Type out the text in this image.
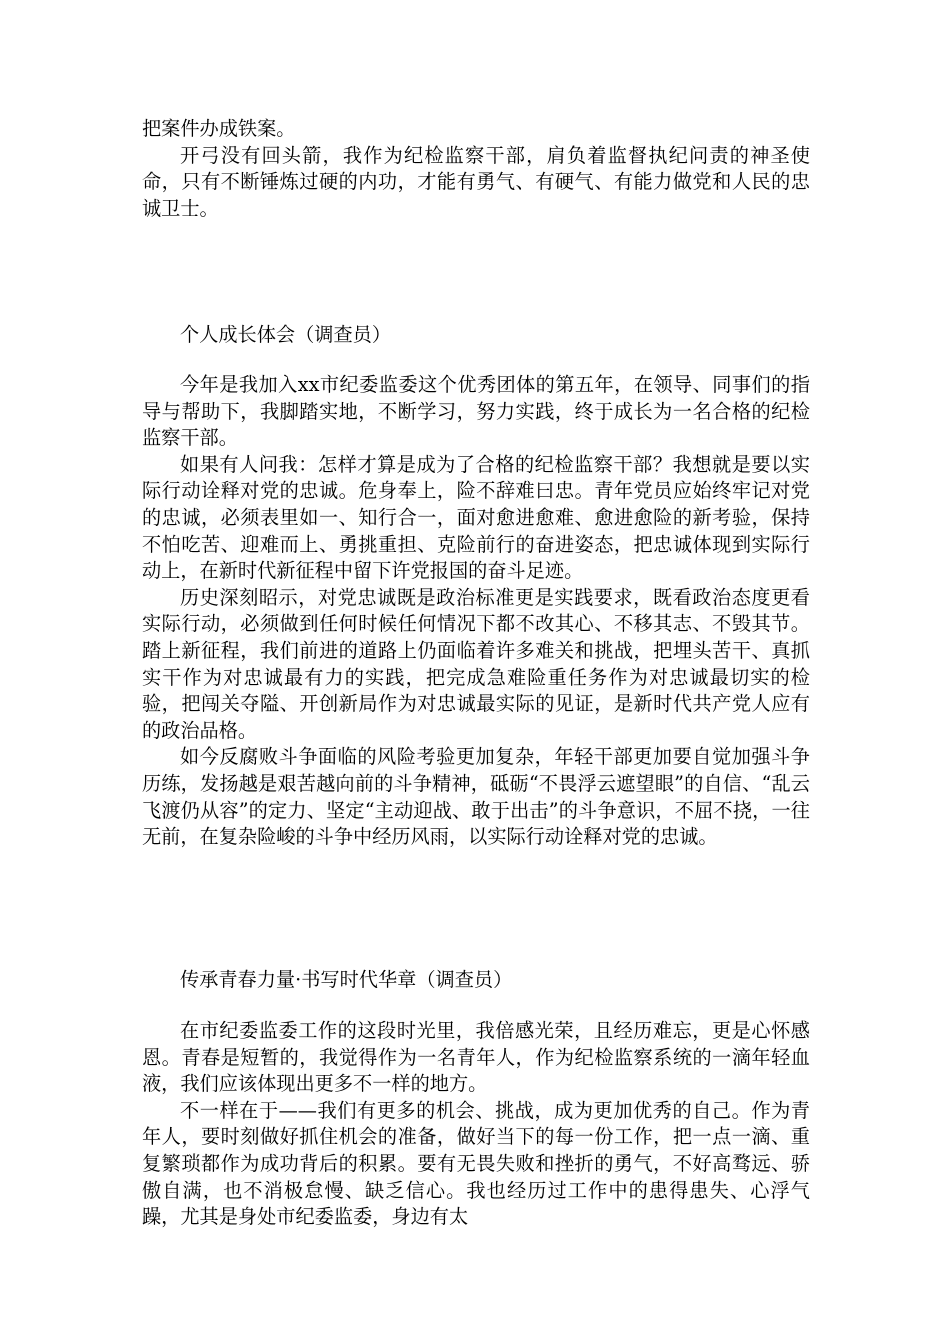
把案件办成铁案。

开弓没有回头箭，我作为纪检监察干部，肩负着监督执纪问责的神圣使命，只有不断锤炼过硬的内功，才能有勇气、有硬气、有能力做党和人民的忠诚卫士。

个人成长体会（调查员）

今年是我加入xx市纪委监委这个优秀团体的第五年，在领导、同事们的指导与帮助下，我脚踏实地，不断学习，努力实践，终于成长为一名合格的纪检监察干部。

如果有人问我：怎样才算是成为了合格的纪检监察干部？我想就是要以实际行动诠释对党的忠诚。危身奉上，险不辞难曰忠。青年党员应始终牢记对党的忠诚，必须表里如一、知行合一，面对愈进愈难、愈进愈险的新考验，保持不怕吃苦、迎难而上、勇挑重担、克险前行的奋进姿态，把忠诚体现到实际行动上，在新时代新征程中留下许党报国的奋斗足迹。

历史深刻昭示，对党忠诚既是政治标准更是实践要求，既看政治态度更看实际行动，必须做到任何时候任何情况下都不改其心、不移其志、不毁其节。踏上新征程，我们前进的道路上仍面临着许多难关和挑战，把埋头苦干、真抓实干作为对忠诚最有力的实践，把完成急难险重任务作为对忠诚最切实的检验，把闯关夺隘、开创新局作为对忠诚最实际的见证，是新时代共产党人应有的政治品格。

如今反腐败斗争面临的风险考验更加复杂，年轻干部更加要自觉加强斗争历练，发扬越是艰苦越向前的斗争精神，砥砺“不畏浮云遮望眼”的自信、“乱云飞渡仍从容”的定力、坚定“主动迎战、敢于出击”的斗争意识，不屈不挠，一往无前，在复杂险峻的斗争中经历风雨，以实际行动诠释对党的忠诚。

传承青春力量·书写时代华章（调查员）

在市纪委监委工作的这段时光里，我倍感光荣，且经历难忘，更是心怀感恩。青春是短暂的，我觉得作为一名青年人，作为纪检监察系统的一滴年轻血液，我们应该体现出更多不一样的地方。

不一样在于——我们有更多的机会、挑战，成为更加优秀的自己。作为青年人，要时刻做好抓住机会的准备，做好当下的每一份工作，把一点一滴、重复繁琐都作为成功背后的积累。要有无畏失败和挫折的勇气，不好高骛远、骄傲自满，也不消极怠慢、缺乏信心。我也经历过工作中的患得患失、心浮气躁，尤其是身处市纪委监委，身边有太
